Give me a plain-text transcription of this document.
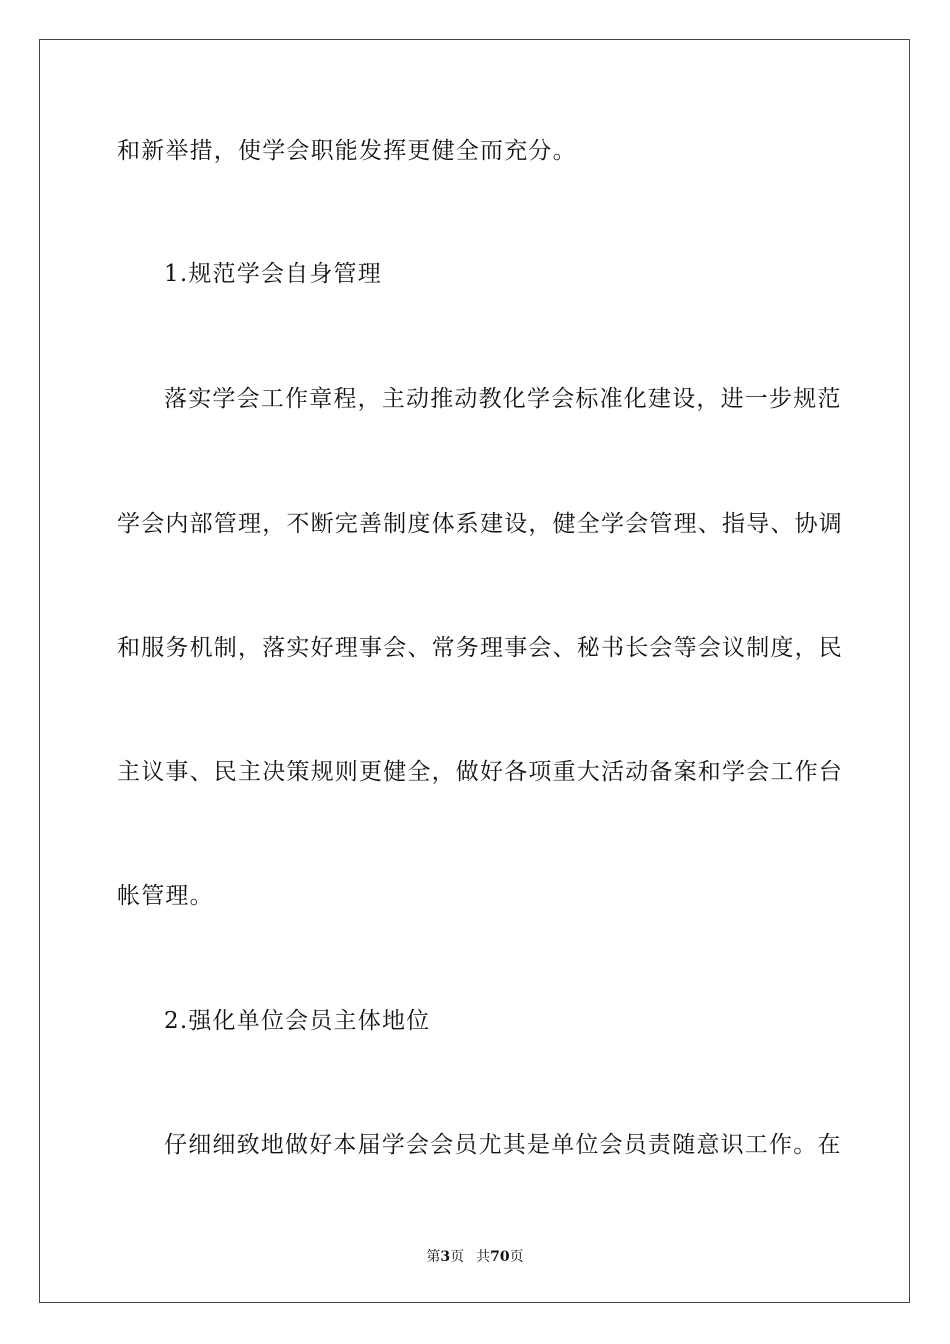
和新举措，使学会职能发挥更健全而充分。
1.规范学会自身管理
落实学会工作章程，主动推动教化学会标准化建设，进一步规范
学会内部管理，不断完善制度体系建设，健全学会管理、指导、协调
和服务机制，落实好理事会、常务理事会、秘书长会等会议制度，民
主议事、民主决策规则更健全，做好各项重大活动备案和学会工作台
帐管理。
2.强化单位会员主体地位
仔细细致地做好本届学会会员尤其是单位会员责随意识工作。在
第3页 共70页
